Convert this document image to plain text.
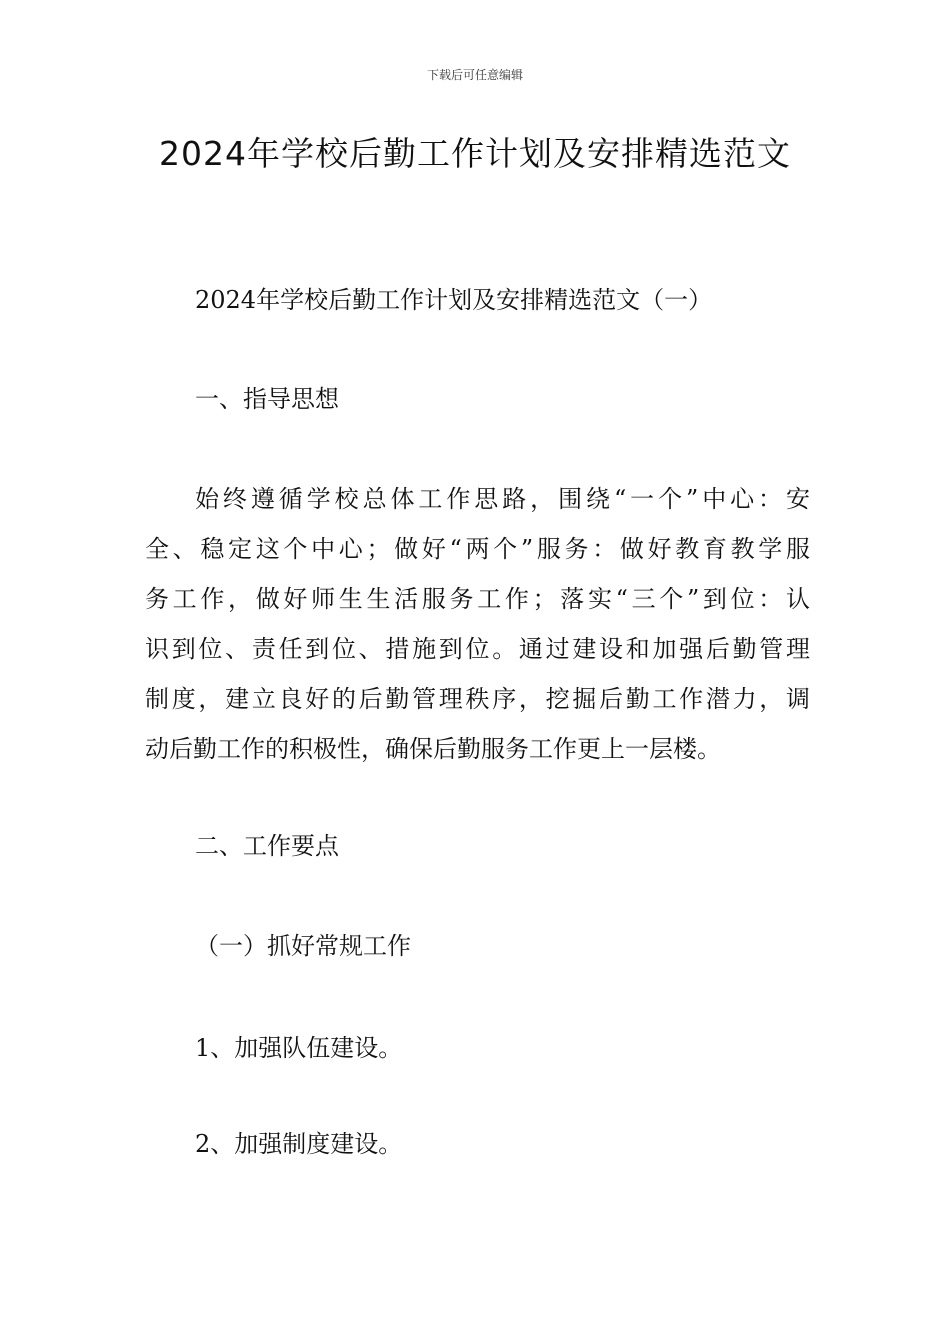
下载后可任意编辑
2024年学校后勤工作计划及安排精选范文

2024年学校后勤工作计划及安排精选范文（一）

一、指导思想

始终遵循学校总体工作思路，围绕“一个”中心：安
全、稳定这个中心；做好“两个”服务：做好教育教学服
务工作，做好师生生活服务工作；落实“三个”到位：认
识到位、责任到位、措施到位。通过建设和加强后勤管理
制度，建立良好的后勤管理秩序，挖掘后勤工作潜力，调
动后勤工作的积极性，确保后勤服务工作更上一层楼。

二、工作要点

（一）抓好常规工作

1、加强队伍建设。

2、加强制度建设。
